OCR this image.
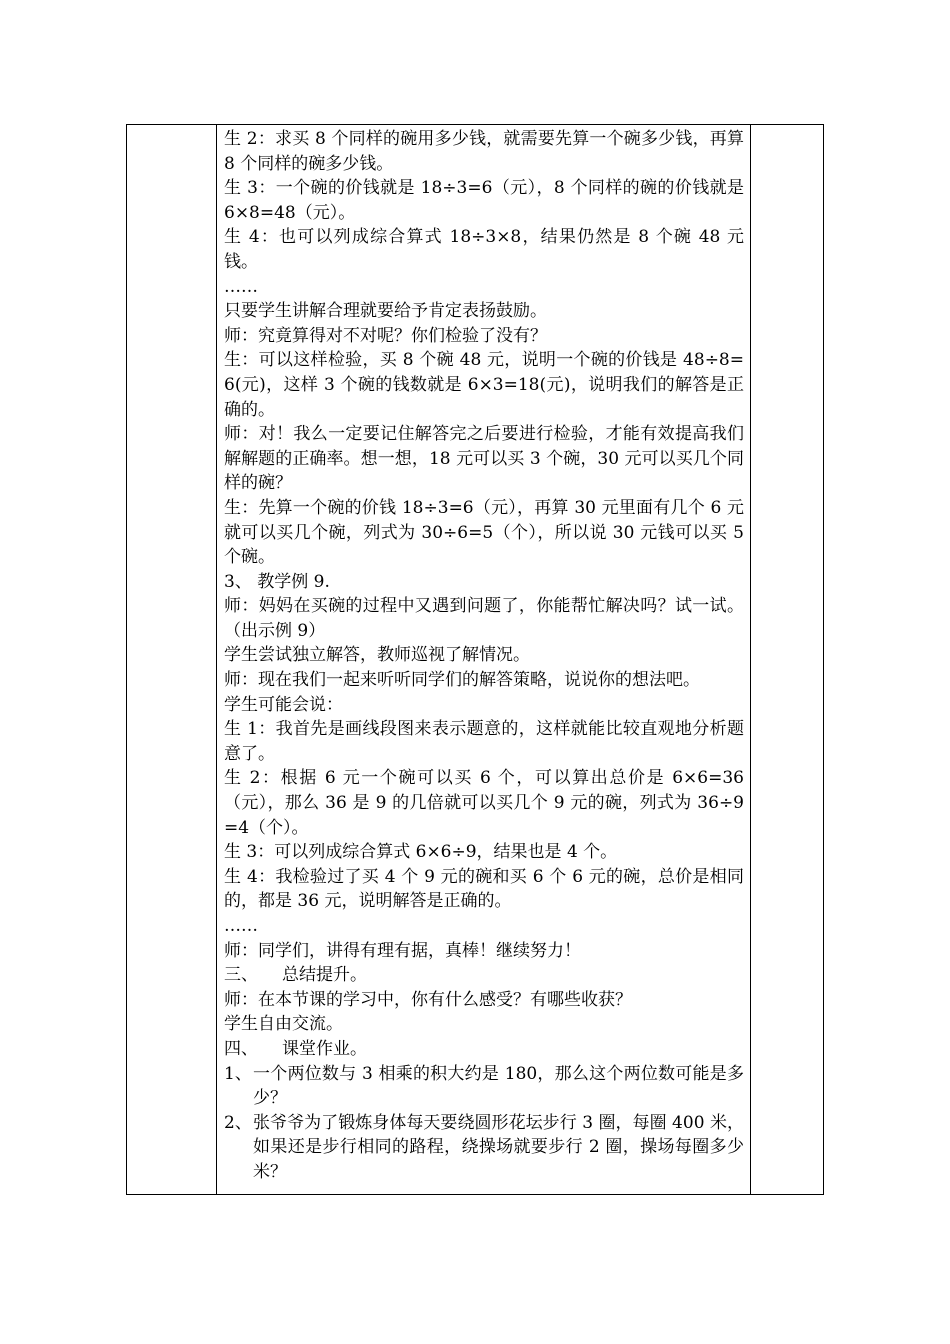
生 2：求买 8 个同样的碗用多少钱，就需要先算一个碗多少钱，再算 8 个同样的碗多少钱。

生 3：一个碗的价钱就是 18÷3=6（元），8 个同样的碗的价钱就是 6×8=48（元）。

生 4：也可以列成综合算式 18÷3×8，结果仍然是 8 个碗 48 元钱。

……

只要学生讲解合理就要给予肯定表扬鼓励。

师：究竟算得对不对呢？你们检验了没有？

生：可以这样检验，买 8 个碗 48 元，说明一个碗的价钱是 48÷8=6(元)，这样 3 个碗的钱数就是 6×3=18(元)，说明我们的解答是正确的。

师：对！我么一定要记住解答完之后要进行检验，才能有效提高我们解解题的正确率。想一想，18 元可以买 3 个碗，30 元可以买几个同样的碗？

生：先算一个碗的价钱 18÷3=6（元），再算 30 元里面有几个 6 元就可以买几个碗，列式为 30÷6=5（个），所以说 30 元钱可以买 5 个碗。

3、 教学例 9.

师：妈妈在买碗的过程中又遇到问题了，你能帮忙解决吗？试一试。（出示例 9）

学生尝试独立解答，教师巡视了解情况。

师：现在我们一起来听听同学们的解答策略，说说你的想法吧。

学生可能会说：

生 1：我首先是画线段图来表示题意的，这样就能比较直观地分析题意了。

生 2：根据 6 元一个碗可以买 6 个，可以算出总价是 6×6=36（元），那么 36 是 9 的几倍就可以买几个 9 元的碗，列式为 36÷9=4（个）。

生 3：可以列成综合算式 6×6÷9，结果也是 4 个。

生 4：我检验过了买 4 个 9 元的碗和买 6 个 6 元的碗，总价是相同的，都是 36 元，说明解答是正确的。

……

师：同学们，讲得有理有据，真棒！继续努力！

三、 总结提升。

师：在本节课的学习中，你有什么感受？有哪些收获？

学生自由交流。

四、 课堂作业。

1、 一个两位数与 3 相乘的积大约是 180，那么这个两位数可能是多少？
2、 张爷爷为了锻炼身体每天要绕圆形花坛步行 3 圈，每圈 400 米，如果还是步行相同的路程，绕操场就要步行 2 圈，操场每圈多少米？
